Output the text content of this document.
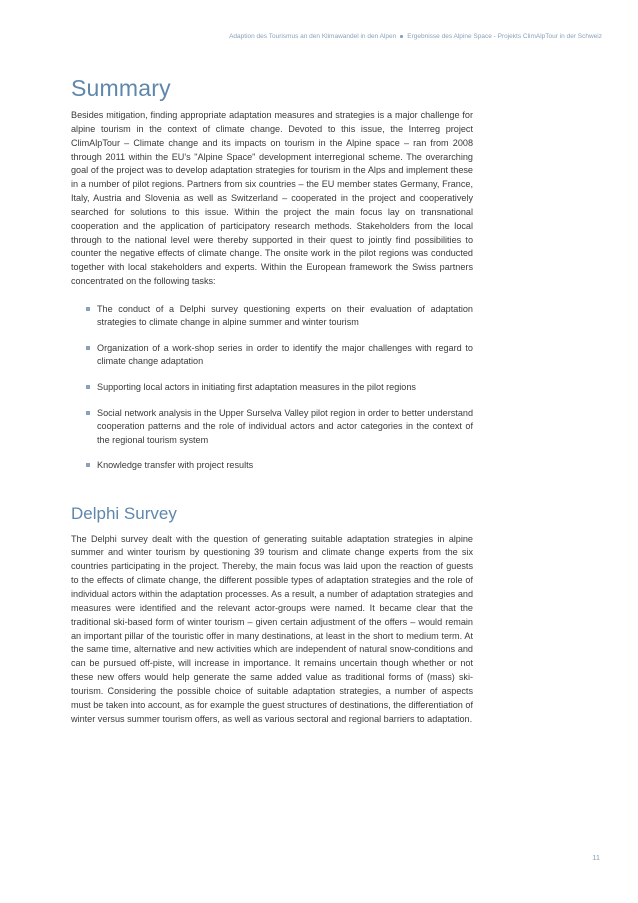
Adaption des Tourismus an den Klimawandel in den Alpen Ergebnisse des Alpine Space - Projekts ClimAlpTour in der Schweiz
Summary

Besides mitigation, finding appropriate adaptation measures and strategies is a major challenge for alpine tourism in the context of climate change. Devoted to this issue, the Interreg project ClimAlpTour – Climate change and its impacts on tourism in the Alpine space – ran from 2008 through 2011 within the EU's "Alpine Space" development interregional scheme. The overarching goal of the project was to develop adaptation strategies for tourism in the Alps and implement these in a number of pilot regions. Partners from six countries – the EU member states Germany, France, Italy, Austria and Slovenia as well as Switzerland – cooperated in the project and cooperatively searched for solutions to this issue. Within the project the main focus lay on transnational cooperation and the application of participatory research methods. Stakeholders from the local through to the national level were thereby supported in their quest to jointly find possibilities to counter the negative effects of climate change. The onsite work in the pilot regions was conducted together with local stakeholders and experts. Within the European framework the Swiss partners concentrated on the following tasks:

The conduct of a Delphi survey questioning experts on their evaluation of adaptation strategies to climate change in alpine summer and winter tourism
Organization of a work-shop series in order to identify the major challenges with regard to climate change adaptation
Supporting local actors in initiating first adaptation measures in the pilot regions
Social network analysis in the Upper Surselva Valley pilot region in order to better understand cooperation patterns and the role of individual actors and actor categories in the context of the regional tourism system
Knowledge transfer with project results
Delphi Survey

The Delphi survey dealt with the question of generating suitable adaptation strategies in alpine summer and winter tourism by questioning 39 tourism and climate change experts from the six countries participating in the project. Thereby, the main focus was laid upon the reaction of guests to the effects of climate change, the different possible types of adaptation strategies and the role of individual actors within the adaptation processes. As a result, a number of adaptation strategies and measures were identified and the relevant actor-groups were named. It became clear that the traditional ski-based form of winter tourism – given certain adjustment of the offers – would remain an important pillar of the touristic offer in many destinations, at least in the short to medium term. At the same time, alternative and new activities which are independent of natural snow-conditions and can be pursued off-piste, will increase in importance. It remains uncertain though whether or not these new offers would help generate the same added value as traditional forms of (mass) ski-tourism. Considering the possible choice of suitable adaptation strategies, a number of aspects must be taken into account, as for example the guest structures of destinations, the differentiation of winter versus summer tourism offers, as well as various sectoral and regional barriers to adaptation.

11
